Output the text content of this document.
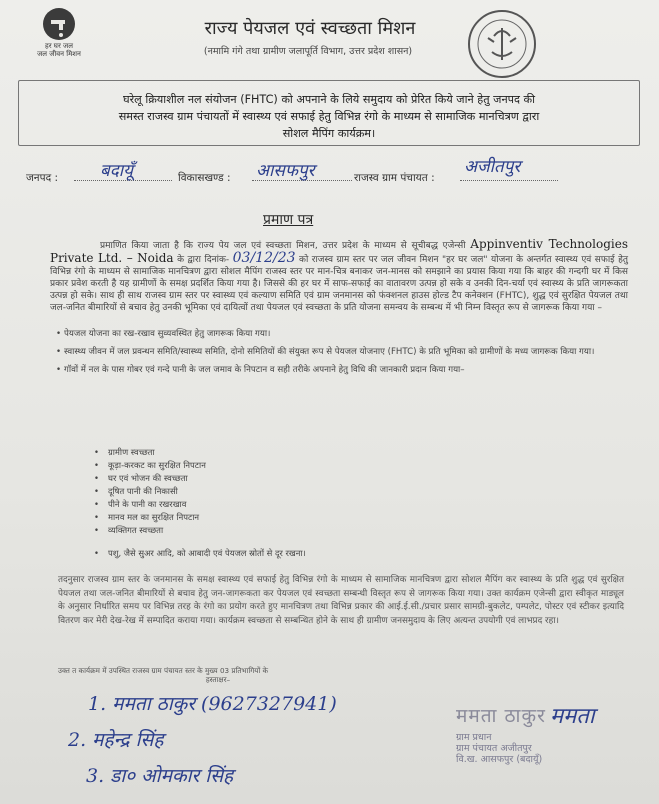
हर घर जल
जल जीवन मिशन
राज्य पेयजल एवं स्वच्छता मिशन
(नमामि गंगे तथा ग्रामीण जलापूर्ति विभाग, उत्तर प्रदेश शासन)
घरेलू क्रियाशील नल संयोजन (FHTC) को अपनाने के लिये समुदाय को प्रेरित किये जाने हेतु जनपद की
समस्त राजस्व ग्राम पंचायतों में स्वास्थ्य एवं सफाई हेतु विभिन्न रंगो के माध्यम से सामाजिक मानचित्रण द्वारा
सोशल मैपिंग कार्यक्रम।
जनपद : बदायूँ	विकासखण्ड : आसफपुर	राजस्व ग्राम पंचायत :
अजीतपुर
प्रमाण पत्र
प्रमाणित किया जाता है कि राज्य पेय जल एवं स्वच्छता मिशन, उत्तर प्रदेश के माध्यम से सूचीबद्ध एजेन्सी Appinventiv Technologies Private Ltd. – Noida के द्वारा दिनांक- 03/12/23 को राजस्व ग्राम स्तर पर जल जीवन मिशन "हर घर जल" योजना के अन्तर्गत स्वास्थ्य एवं सफाई हेतु विभिन्न रंगो के माध्यम से सामाजिक मानचित्रण द्वारा सोशल मैपिंग राजस्व स्तर पर मान-चित्र बनाकर जन-मानस को समझाने का प्रयास किया गया कि बाहर की गन्दगी घर में किस प्रकार प्रवेश करती है यह ग्रामीणों के समक्ष प्रदर्शित किया गया है। जिससे की हर घर में साफ-सफाई का वातावरण उत्पन्न हो सके व उनकी दिन-चर्या एवं स्वास्थ्य के प्रति जागरूकता उत्पन्न हो सके। साथ ही साथ राजस्व ग्राम स्तर पर स्वास्थ्य एवं कल्याण समिति एवं ग्राम जनमानस को फंक्शनल हाउस होल्ड टैप कनेक्शन (FHTC), शुद्ध एवं सुरक्षित पेयजल तथा जल-जनित बीमारियों से बचाव हेतु उनकी भूमिका एवं दायित्वों तथा पेयजल एवं स्वच्छता के प्रति योजना समन्वय के सम्बन्ध में भी निम्न विस्तृत रूप से जागरूक किया गया –
• पेयजल योजना का रख-रखाव सुव्यवस्थित हेतु जागरूक किया गया।
• स्वास्थ्य जीवन में जल प्रवन्धन समिति/स्वास्थ्य समिति, दोनो समितियों की संयुक्त रूप से पेयजल योजनाए (FHTC) के प्रति भूमिका को ग्रामीणों के मध्य जागरूक किया गया।
• गॉवों में नल के पास गोबर एवं गन्दे पानी के जल जमाव के निपटान व सही तरीके अपनाने हेतु विधि की जानकारी प्रदान किया गया–
• ग्रामीण स्वच्छता
• कूड़ा-करकट का सुरक्षित निपटान
• घर एवं भोजन की स्वच्छता
• दूषित पानी की निकासी
• पीने के पानी का रखरखाव
• मानव मल का सुरक्षित निपटान
• व्यक्तिगत स्वच्छता
• पशु, जैसे सुअर आदि, को आबादी एवं पेयजल स्रोतों से दूर रखना।
तदनुसार राजस्व ग्राम स्तर के जनमानस के समक्ष स्वास्थ्य एवं सफाई हेतु विभिन्न रंगो के माध्यम से सामाजिक मानचित्रण द्वारा सोशल मैपिंग कर स्वास्थ्य के प्रति शुद्ध एवं सुरक्षित पेयजल तथा जल-जनित बीमारियों से बचाव हेतु जन-जागरूकता कर पेयजल एवं स्वच्छता सम्बन्धी विस्तृत रूप से जागरूक किया गया। उक्त कार्यक्रम एजेन्सी द्वारा स्वीकृत माड्यूल के अनुसार निर्धारित समय पर विभिन्न तरह के रंगो का प्रयोग करते हुए मानचित्रण तथा विभिन्न प्रकार की आई.ई.सी./प्रचार प्रसार सामग्री-बुकलेट, पम्पलेट, पोस्टर एवं स्टीकर इत्यादि वितरण कर मेरी देख-रेख में सम्पादित कराया गया। कार्यक्रम स्वच्छता से सम्बन्धित होने के साथ ही ग्रामीण जनसमुदाय के लिए अत्यन्त उपयोगी एवं लाभप्रद रहा।
उक्त त कार्यक्रम में उपस्थित राजस्व ग्राम पंचायत स्तर के मुख्य 03 प्रतिभागियों के
हस्ताक्षर–
1. ममता ठाकुर (9627327941)
2. महेन्द्र सिंह
3. डा० ओमकार सिंह
ममता ठाकुर ममता
ग्राम प्रधान
ग्राम पंचायत अजीतपुर
वि.ख. आसफपुर (बदायूँ)
